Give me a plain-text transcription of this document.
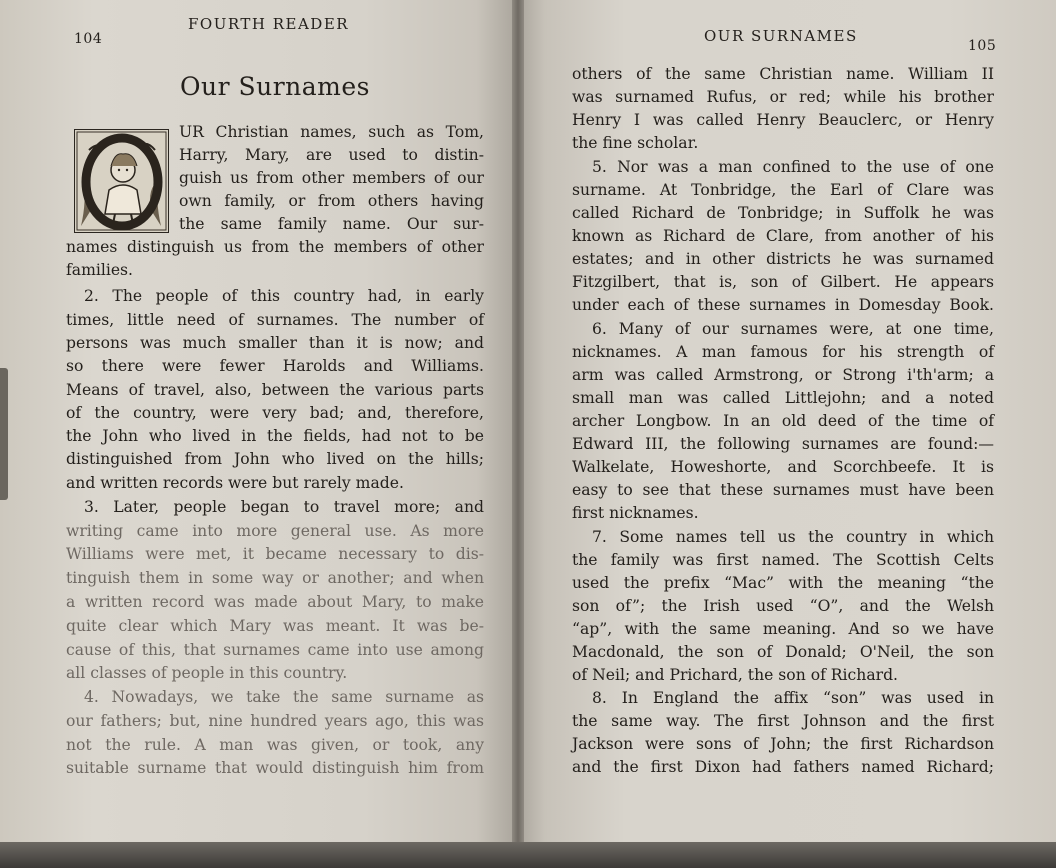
104
FOURTH READER
Our Surnames
UR Christian names, such as Tom,
Harry, Mary, are used to distin-
guish us from other members of our
own family, or from others having
the same family name. Our sur-
names distinguish us from the members of other
families.
2. The people of this country had, in early
times, little need of surnames. The number of
persons was much smaller than it is now; and
so there were fewer Harolds and Williams.
Means of travel, also, between the various parts
of the country, were very bad; and, therefore,
the John who lived in the fields, had not to be
distinguished from John who lived on the hills;
and written records were but rarely made.
3. Later, people began to travel more; and
writing came into more general use. As more
Williams were met, it became necessary to dis-
tinguish them in some way or another; and when
a written record was made about Mary, to make
quite clear which Mary was meant. It was be-
cause of this, that surnames came into use among
all classes of people in this country.
4. Nowadays, we take the same surname as
our fathers; but, nine hundred years ago, this was
not the rule. A man was given, or took, any
suitable surname that would distinguish him from
OUR SURNAMES
105
others of the same Christian name. William II
was surnamed Rufus, or red; while his brother
Henry I was called Henry Beauclerc, or Henry
the fine scholar.
5. Nor was a man confined to the use of one
surname. At Tonbridge, the Earl of Clare was
called Richard de Tonbridge; in Suffolk he was
known as Richard de Clare, from another of his
estates; and in other districts he was surnamed
Fitzgilbert, that is, son of Gilbert. He appears
under each of these surnames in Domesday Book.
6. Many of our surnames were, at one time,
nicknames. A man famous for his strength of
arm was called Armstrong, or Strong i'th'arm; a
small man was called Littlejohn; and a noted
archer Longbow. In an old deed of the time of
Edward III, the following surnames are found:—
Walkelate, Howeshorte, and Scorchbeefe. It is
easy to see that these surnames must have been
first nicknames.
7. Some names tell us the country in which
the family was first named. The Scottish Celts
used the prefix “Mac” with the meaning “the
son of”; the Irish used “O”, and the Welsh
“ap”, with the same meaning. And so we have
Macdonald, the son of Donald; O'Neil, the son
of Neil; and Prichard, the son of Richard.
8. In England the affix “son” was used in
the same way. The first Johnson and the first
Jackson were sons of John; the first Richardson
and the first Dixon had fathers named Richard;
